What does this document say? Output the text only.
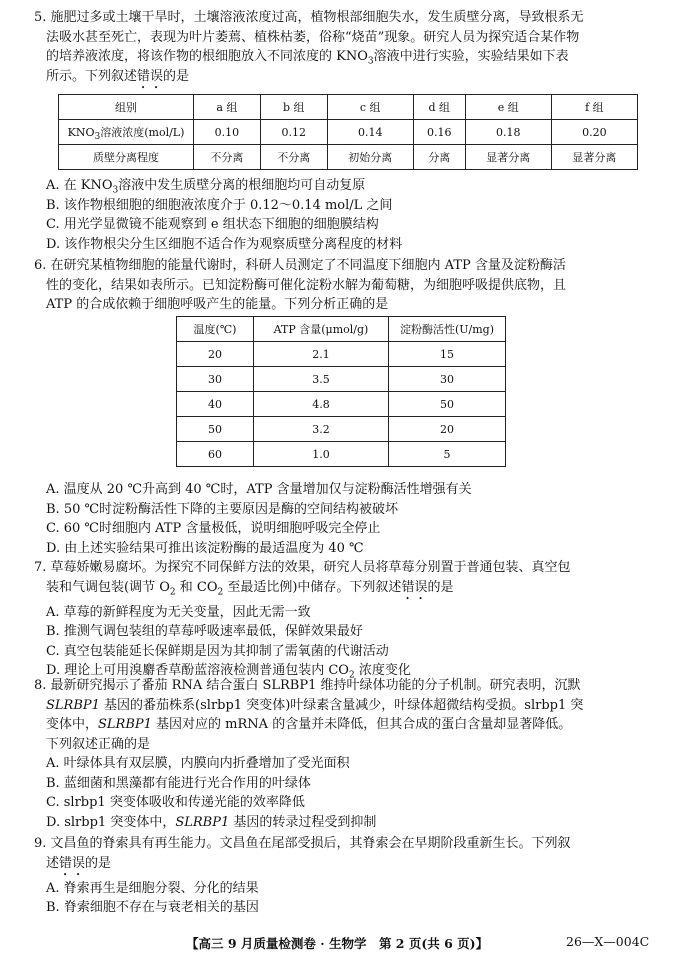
5. 施肥过多或土壤干旱时，土壤溶液浓度过高，植物根部细胞失水，发生质壁分离，导致根系无

法吸水甚至死亡，表现为叶片萎蔫、植株枯萎，俗称“烧苗”现象。研究人员为探究适合某作物

的培养液浓度，将该作物的根细胞放入不同浓度的 $KNO_3$溶液中进行实验，实验结果如下表

所示。下列叙述错误的是

组别	a 组	b 组	c 组	d 组	e 组	f 组
$KNO_3$溶液浓度(mol/L)	0.10	0.12	0.14	0.16	0.18	0.20
质壁分离程度	不分离	不分离	初始分离	分离	显著分离	显著分离

A. 在 $KNO_3$溶液中发生质壁分离的根细胞均可自动复原

B. 该作物根细胞的细胞液浓度介于 0.12～0.14 mol/L 之间

C. 用光学显微镜不能观察到 e 组状态下细胞的细胞膜结构

D. 该作物根尖分生区细胞不适合作为观察质壁分离程度的材料

6. 在研究某植物细胞的能量代谢时，科研人员测定了不同温度下细胞内 ATP 含量及淀粉酶活

性的变化，结果如表所示。已知淀粉酶可催化淀粉水解为葡萄糖，为细胞呼吸提供底物，且

ATP 的合成依赖于细胞呼吸产生的能量。下列分析正确的是

温度(℃)	ATP 含量(μmol/g)	淀粉酶活性(U/mg)
20	2.1	15
30	3.5	30
40	4.8	50
50	3.2	20
60	1.0	5

A. 温度从 20 ℃升高到 40 ℃时，ATP 含量增加仅与淀粉酶活性增强有关

B. 50 ℃时淀粉酶活性下降的主要原因是酶的空间结构被破坏

C. 60 ℃时细胞内 ATP 含量极低，说明细胞呼吸完全停止

D. 由上述实验结果可推出该淀粉酶的最适温度为 40 ℃

7. 草莓娇嫩易腐坏。为探究不同保鲜方法的效果，研究人员将草莓分别置于普通包装、真空包

装和气调包装(调节 $O_2$ 和 $CO_2$ 至最适比例)中储存。下列叙述错误的是

A. 草莓的新鲜程度为无关变量，因此无需一致

B. 推测气调包装组的草莓呼吸速率最低，保鲜效果最好

C. 真空包装能延长保鲜期是因为其抑制了需氧菌的代谢活动

D. 理论上可用溴麝香草酚蓝溶液检测普通包装内 $CO_2$ 浓度变化

8. 最新研究揭示了番茄 RNA 结合蛋白 SLRBP1 维持叶绿体功能的分子机制。研究表明，沉默

SLRBP1 基因的番茄株系(slrbp1 突变体)叶绿素含量减少，叶绿体超微结构受损。slrbp1 突

变体中，SLRBP1 基因对应的 mRNA 的含量并未降低，但其合成的蛋白含量却显著降低。

下列叙述正确的是

A. 叶绿体具有双层膜，内膜向内折叠增加了受光面积

B. 蓝细菌和黑藻都有能进行光合作用的叶绿体

C. slrbp1 突变体吸收和传递光能的效率降低

D. slrbp1 突变体中，SLRBP1 基因的转录过程受到抑制

9. 文昌鱼的脊索具有再生能力。文昌鱼在尾部受损后，其脊索会在早期阶段重新生长。下列叙

述错误的是

A. 脊索再生是细胞分裂、分化的结果

B. 脊索细胞不存在与衰老相关的基因

【高三 9 月质量检测卷 · 生物学　第 2 页(共 6 页)】	26—X—004C
